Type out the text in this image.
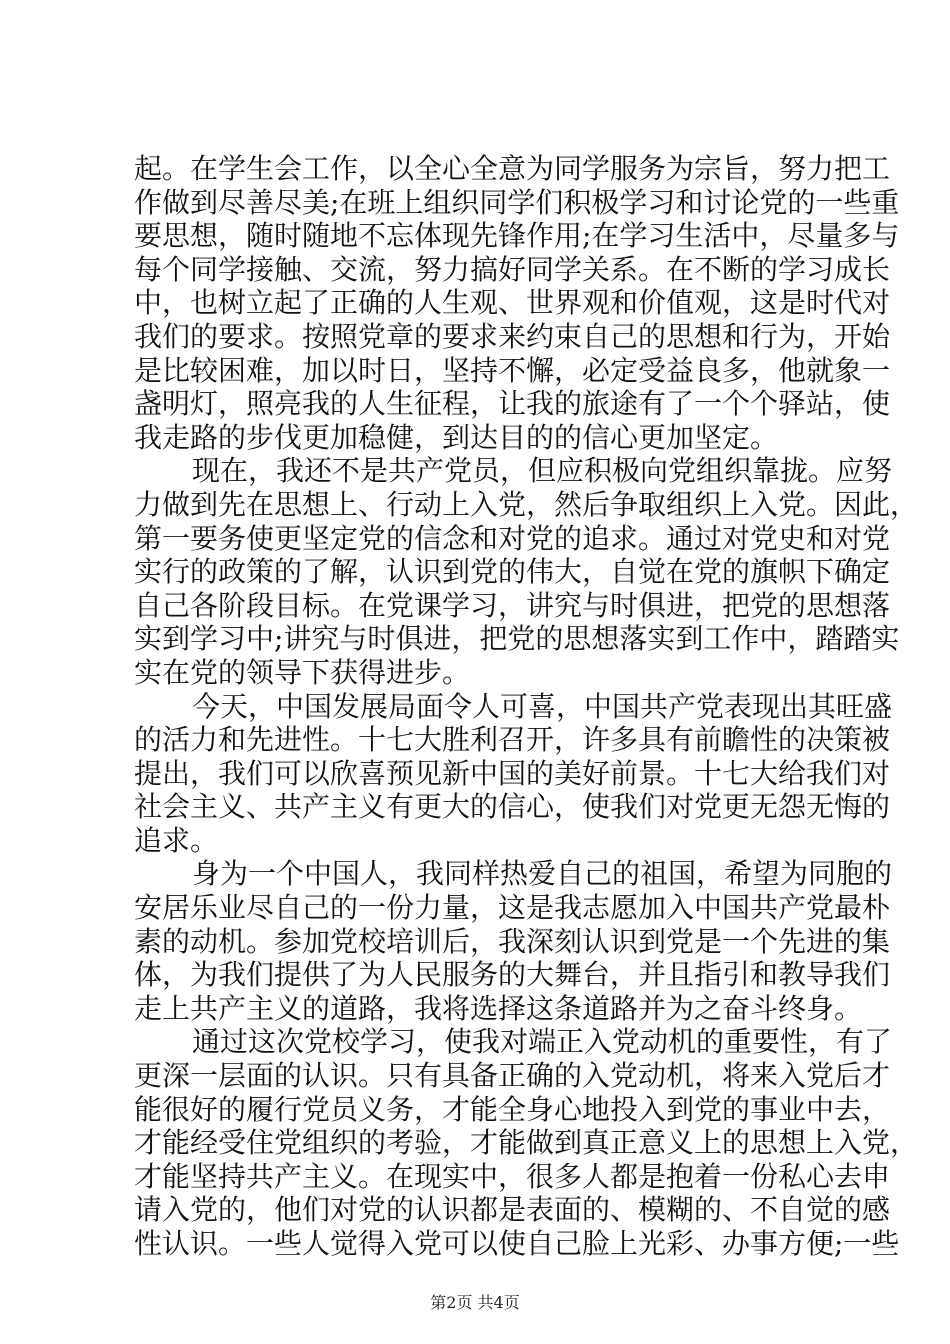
起。在学生会工作，以全心全意为同学服务为宗旨，努力把工
作做到尽善尽美;在班上组织同学们积极学习和讨论党的一些重
要思想，随时随地不忘体现先锋作用;在学习生活中，尽量多与
每个同学接触、交流，努力搞好同学关系。在不断的学习成长
中，也树立起了正确的人生观、世界观和价值观，这是时代对
我们的要求。按照党章的要求来约束自己的思想和行为，开始
是比较困难，加以时日，坚持不懈，必定受益良多，他就象一
盏明灯，照亮我的人生征程，让我的旅途有了一个个驿站，使
我走路的步伐更加稳健，到达目的的信心更加坚定。
现在，我还不是共产党员，但应积极向党组织靠拢。应努
力做到先在思想上、行动上入党，然后争取组织上入党。因此，
第一要务使更坚定党的信念和对党的追求。通过对党史和对党
实行的政策的了解，认识到党的伟大，自觉在党的旗帜下确定
自己各阶段目标。在党课学习，讲究与时俱进，把党的思想落
实到学习中;讲究与时俱进，把党的思想落实到工作中，踏踏实
实在党的领导下获得进步。
今天，中国发展局面令人可喜，中国共产党表现出其旺盛
的活力和先进性。十七大胜利召开，许多具有前瞻性的决策被
提出，我们可以欣喜预见新中国的美好前景。十七大给我们对
社会主义、共产主义有更大的信心，使我们对党更无怨无悔的
追求。
身为一个中国人，我同样热爱自己的祖国，希望为同胞的
安居乐业尽自己的一份力量，这是我志愿加入中国共产党最朴
素的动机。参加党校培训后，我深刻认识到党是一个先进的集
体，为我们提供了为人民服务的大舞台，并且指引和教导我们
走上共产主义的道路，我将选择这条道路并为之奋斗终身。
通过这次党校学习，使我对端正入党动机的重要性，有了
更深一层面的认识。只有具备正确的入党动机，将来入党后才
能很好的履行党员义务，才能全身心地投入到党的事业中去，
才能经受住党组织的考验，才能做到真正意义上的思想上入党，
才能坚持共产主义。在现实中，很多人都是抱着一份私心去申
请入党的，他们对党的认识都是表面的、模糊的、不自觉的感
性认识。一些人觉得入党可以使自己脸上光彩、办事方便;一些
第2页 共4页
